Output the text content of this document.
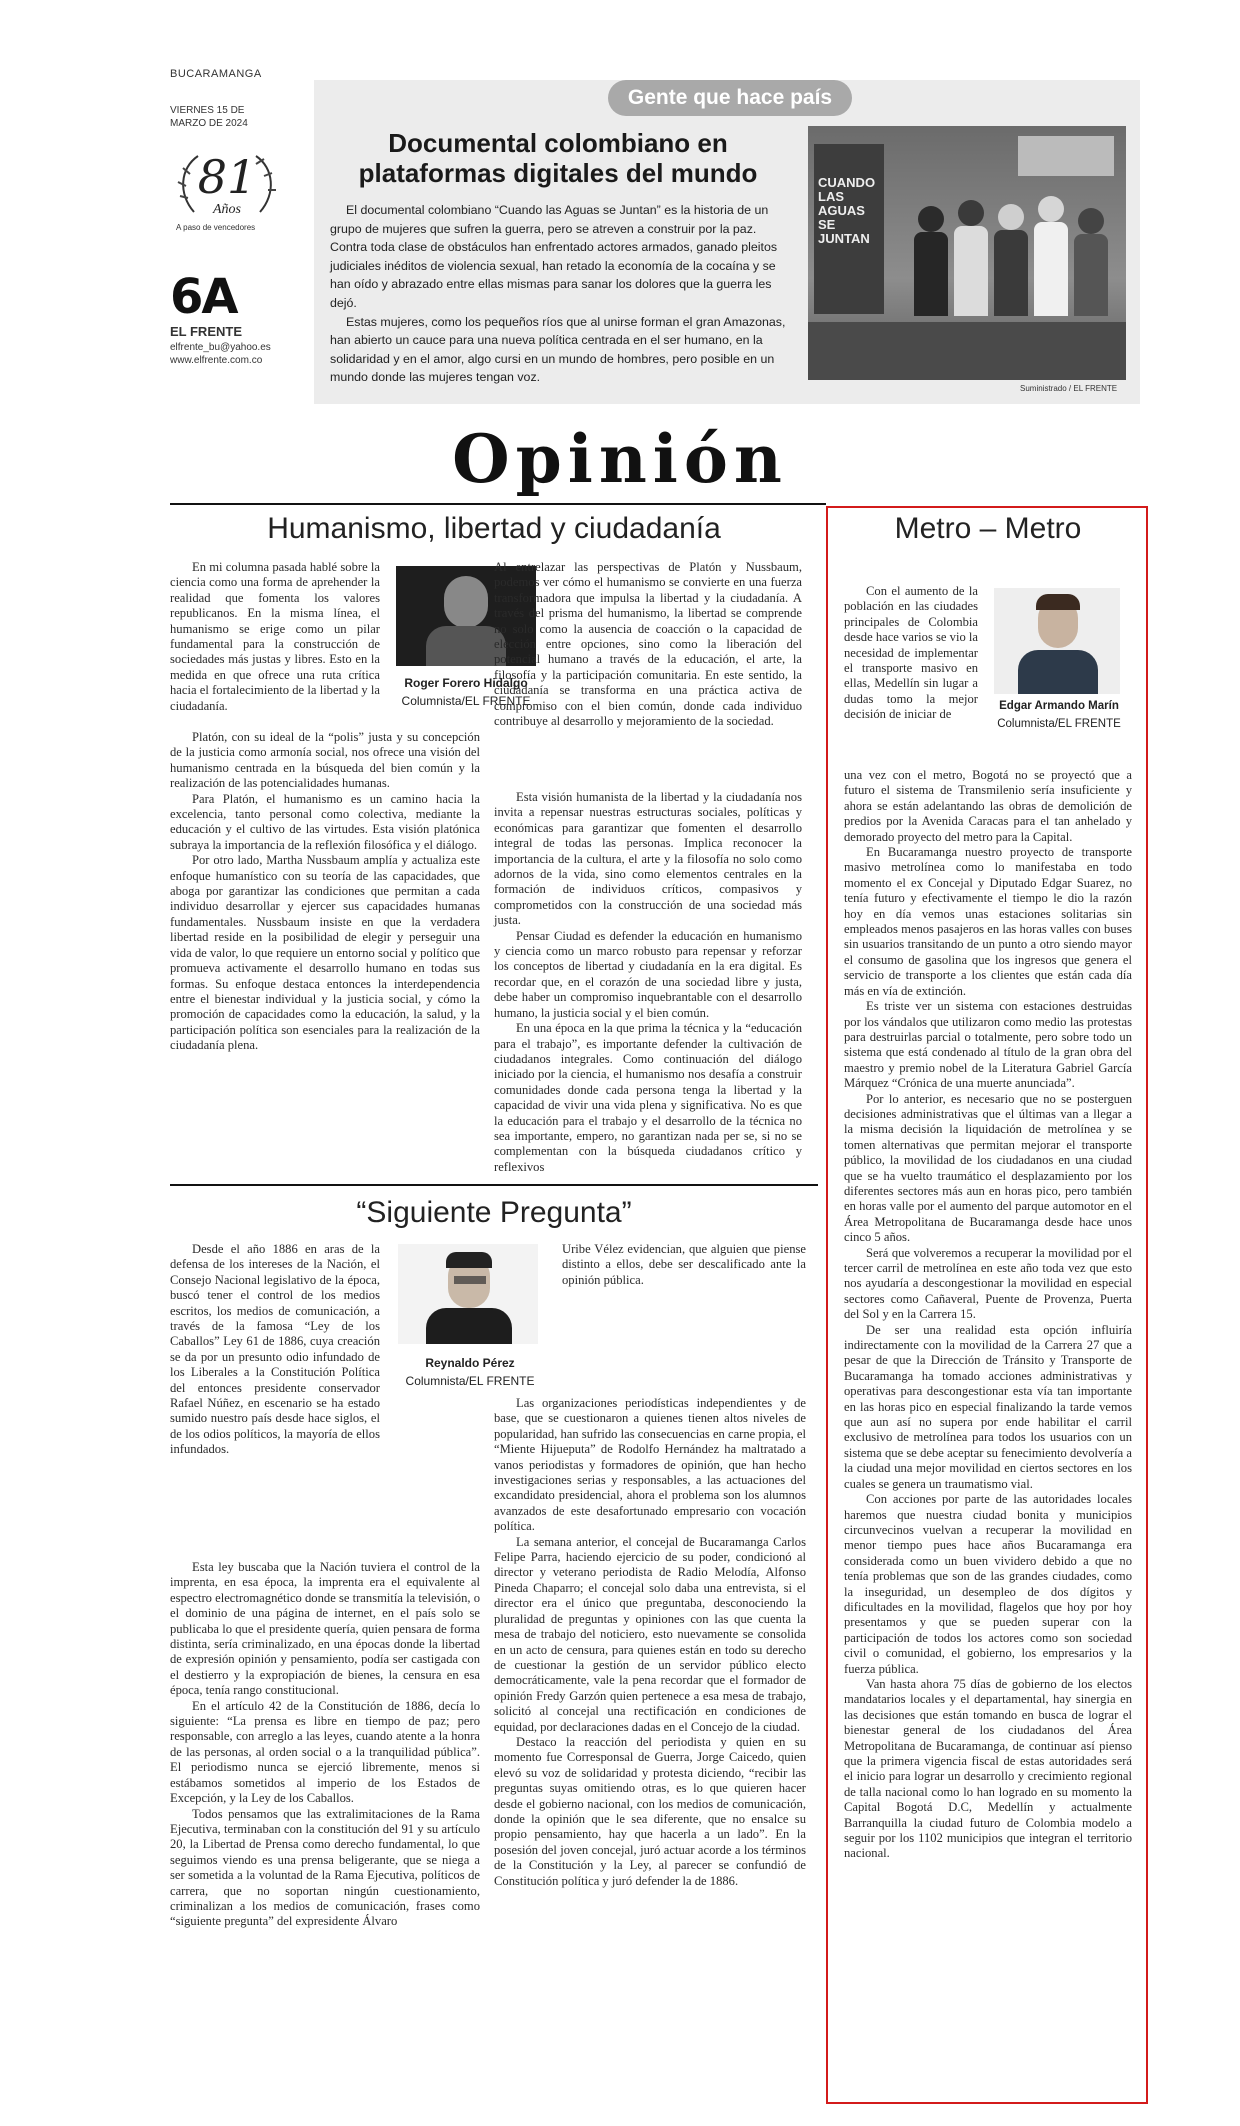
BUCARAMANGA
VIERNES 15 DE MARZO DE 2024
81
Años
A paso de vencedores
6A
EL FRENTE
elfrente_bu@yahoo.es
www.elfrente.com.co
Gente que hace país
Documental colombiano en plataformas digitales del mundo

El documental colombiano “Cuando las Aguas se Juntan” es la historia de un grupo de mujeres que sufren la guerra, pero se atreven a construir por la paz. Contra toda clase de obstáculos han enfrentado actores armados, ganado pleitos judiciales inéditos de violencia sexual, han retado la economía de la cocaína y se han oído y abrazado entre ellas mismas para sanar los dolores que la guerra les dejó.

Estas mujeres, como los pequeños ríos que al unirse forman el gran Amazonas, han abierto un cauce para una nueva política centrada en el ser humano, en la solidaridad y en el amor, algo cursi en un mundo de hombres, pero posible en un mundo donde las mujeres tengan voz.

CUANDO LAS AGUAS SE JUNTAN
Suministrado / EL FRENTE
Opinión
Humanismo, libertad y ciudadanía

En mi columna pasada hablé sobre la ciencia como una forma de aprehender la realidad que fomenta los valores republicanos. En la misma línea, el humanismo se erige como un pilar fundamental para la construcción de sociedades más justas y libres. Esto en la medida en que ofrece una ruta crítica hacia el fortalecimiento de la libertad y la ciudadanía.

Roger Forero Hidalgo
Columnista/EL FRENTE

Platón, con su ideal de la “polis” justa y su concepción de la justicia como armonía social, nos ofrece una visión del humanismo centrada en la búsqueda del bien común y la realización de las potencialidades humanas.

Para Platón, el humanismo es un camino hacia la excelencia, tanto personal como colectiva, mediante la educación y el cultivo de las virtudes. Esta visión platónica subraya la importancia de la reflexión filosófica y el diálogo.

Por otro lado, Martha Nussbaum amplía y actualiza este enfoque humanístico con su teoría de las capacidades, que aboga por garantizar las condiciones que permitan a cada individuo desarrollar y ejercer sus capacidades humanas fundamentales. Nussbaum insiste en que la verdadera libertad reside en la posibilidad de elegir y perseguir una vida de valor, lo que requiere un entorno social y político que promueva activamente el desarrollo humano en todas sus formas. Su enfoque destaca entonces la interdependencia entre el bienestar individual y la justicia social, y cómo la promoción de capacidades como la educación, la salud, y la participación política son esenciales para la realización de la ciudadanía plena.

Al entrelazar las perspectivas de Platón y Nussbaum, podemos ver cómo el humanismo se convierte en una fuerza transformadora que impulsa la libertad y la ciudadanía. A través del prisma del humanismo, la libertad se comprende no solo como la ausencia de coacción o la capacidad de elección entre opciones, sino como la liberación del potencial humano a través de la educación, el arte, la filosofía y la participación comunitaria. En este sentido, la ciudadanía se transforma en una práctica activa de compromiso con el bien común, donde cada individuo contribuye al desarrollo y mejoramiento de la sociedad.

Esta visión humanista de la libertad y la ciudadanía nos invita a repensar nuestras estructuras sociales, políticas y económicas para garantizar que fomenten el desarrollo integral de todas las personas. Implica reconocer la importancia de la cultura, el arte y la filosofía no solo como adornos de la vida, sino como elementos centrales en la formación de individuos críticos, compasivos y comprometidos con la construcción de una sociedad más justa.

Pensar Ciudad es defender la educación en humanismo y ciencia como un marco robusto para repensar y reforzar los conceptos de libertad y ciudadanía en la era digital. Es recordar que, en el corazón de una sociedad libre y justa, debe haber un compromiso inquebrantable con el desarrollo humano, la justicia social y el bien común.

En una época en la que prima la técnica y la “educación para el trabajo”, es importante defender la cultivación de ciudadanos integrales. Como continuación del diálogo iniciado por la ciencia, el humanismo nos desafía a construir comunidades donde cada persona tenga la libertad y la capacidad de vivir una vida plena y significativa. No es que la educación para el trabajo y el desarrollo de la técnica no sea importante, empero, no garantizan nada per se, si no se complementan con la búsqueda ciudadanos crítico y reflexivos

“Siguiente Pregunta”

Desde el año 1886 en aras de la defensa de los intereses de la Nación, el Consejo Nacional legislativo de la época, buscó tener el control de los medios escritos, los medios de comunicación, a través de la famosa “Ley de los Caballos” Ley 61 de 1886, cuya creación se da por un presunto odio infundado de los Liberales a la Constitución Política del entonces presidente conservador Rafael Núñez, en escenario se ha estado sumido nuestro país desde hace siglos, el de los odios políticos, la mayoría de ellos infundados.

Reynaldo Pérez
Columnista/EL FRENTE

Esta ley buscaba que la Nación tuviera el control de la imprenta, en esa época, la imprenta era el equivalente al espectro electromagnético donde se transmitía la televisión, o el dominio de una página de internet, en el país solo se publicaba lo que el presidente quería, quien pensara de forma distinta, sería criminalizado, en una épocas donde la libertad de expresión opinión y pensamiento, podía ser castigada con el destierro y la expropiación de bienes, la censura en esa época, tenía rango constitucional.

En el artículo 42 de la Constitución de 1886, decía lo siguiente: “La prensa es libre en tiempo de paz; pero responsable, con arreglo a las leyes, cuando atente a la honra de las personas, al orden social o a la tranquilidad pública”. El periodismo nunca se ejerció libremente, menos si estábamos sometidos al imperio de los Estados de Excepción, y la Ley de los Caballos.

Todos pensamos que las extralimitaciones de la Rama Ejecutiva, terminaban con la constitución del 91 y su artículo 20, la Libertad de Prensa como derecho fundamental, lo que seguimos viendo es una prensa beligerante, que se niega a ser sometida a la voluntad de la Rama Ejecutiva, políticos de carrera, que no soportan ningún cuestionamiento, criminalizan a los medios de comunicación, frases como “siguiente pregunta” del expresidente Álvaro

Uribe Vélez evidencian, que alguien que piense distinto a ellos, debe ser descalificado ante la opinión pública.

Las organizaciones periodísticas independientes y de base, que se cuestionaron a quienes tienen altos niveles de popularidad, han sufrido las consecuencias en carne propia, el “Miente Hijueputa” de Rodolfo Hernández ha maltratado a vanos periodistas y formadores de opinión, que han hecho investigaciones serias y responsables, a las actuaciones del excandidato presidencial, ahora el problema son los alumnos avanzados de este desafortunado empresario con vocación política.

La semana anterior, el concejal de Bucaramanga Carlos Felipe Parra, haciendo ejercicio de su poder, condicionó al director y veterano periodista de Radio Melodía, Alfonso Pineda Chaparro; el concejal solo daba una entrevista, si el director era el único que preguntaba, desconociendo la pluralidad de preguntas y opiniones con las que cuenta la mesa de trabajo del noticiero, esto nuevamente se consolida en un acto de censura, para quienes están en todo su derecho de cuestionar la gestión de un servidor público electo democráticamente, vale la pena recordar que el formador de opinión Fredy Garzón quien pertenece a esa mesa de trabajo, solicitó al concejal una rectificación en condiciones de equidad, por declaraciones dadas en el Concejo de la ciudad.

Destaco la reacción del periodista y quien en su momento fue Corresponsal de Guerra, Jorge Caicedo, quien elevó su voz de solidaridad y protesta diciendo, “recibir las preguntas suyas omitiendo otras, es lo que quieren hacer desde el gobierno nacional, con los medios de comunicación, donde la opinión que le sea diferente, que no ensalce su propio pensamiento, hay que hacerla a un lado”. En la posesión del joven concejal, juró actuar acorde a los términos de la Constitución y la Ley, al parecer se confundió de Constitución política y juró defender la de 1886.

Metro – Metro

Con el aumento de la población en las ciudades principales de Colombia desde hace varios se vio la necesidad de implementar el transporte masivo en ellas, Medellín sin lugar a dudas tomo la mejor decisión de iniciar de

Edgar Armando Marín
Columnista/EL FRENTE

una vez con el metro, Bogotá no se proyectó que a futuro el sistema de Transmilenio sería insuficiente y ahora se están adelantando las obras de demolición de predios por la Avenida Caracas para el tan anhelado y demorado proyecto del metro para la Capital.

En Bucaramanga nuestro proyecto de transporte masivo metrolínea como lo manifestaba en todo momento el ex Concejal y Diputado Edgar Suarez, no tenía futuro y efectivamente el tiempo le dio la razón hoy en día vemos unas estaciones solitarias sin empleados menos pasajeros en las horas valles con buses sin usuarios transitando de un punto a otro siendo mayor el consumo de gasolina que los ingresos que genera el servicio de transporte a los clientes que están cada día más en vía de extinción.

Es triste ver un sistema con estaciones destruidas por los vándalos que utilizaron como medio las protestas para destruirlas parcial o totalmente, pero sobre todo un sistema que está condenado al título de la gran obra del maestro y premio nobel de la Literatura Gabriel García Márquez “Crónica de una muerte anunciada”.

Por lo anterior, es necesario que no se posterguen decisiones administrativas que el últimas van a llegar a la misma decisión la liquidación de metrolínea y se tomen alternativas que permitan mejorar el transporte público, la movilidad de los ciudadanos en una ciudad que se ha vuelto traumático el desplazamiento por los diferentes sectores más aun en horas pico, pero también en horas valle por el aumento del parque automotor en el Área Metropolitana de Bucaramanga desde hace unos cinco 5 años.

Será que volveremos a recuperar la movilidad por el tercer carril de metrolínea en este año toda vez que esto nos ayudaría a descongestionar la movilidad en especial sectores como Cañaveral, Puente de Provenza, Puerta del Sol y en la Carrera 15.

De ser una realidad esta opción influiría indirectamente con la movilidad de la Carrera 27 que a pesar de que la Dirección de Tránsito y Transporte de Bucaramanga ha tomado acciones administrativas y operativas para descongestionar esta vía tan importante en las horas pico en especial finalizando la tarde vemos que aun así no supera por ende habilitar el carril exclusivo de metrolínea para todos los usuarios con un sistema que se debe aceptar su fenecimiento devolvería a la ciudad una mejor movilidad en ciertos sectores en los cuales se genera un traumatismo vial.

Con acciones por parte de las autoridades locales haremos que nuestra ciudad bonita y municipios circunvecinos vuelvan a recuperar la movilidad en menor tiempo pues hace años Bucaramanga era considerada como un buen vividero debido a que no tenía problemas que son de las grandes ciudades, como la inseguridad, un desempleo de dos dígitos y dificultades en la movilidad, flagelos que hoy por hoy presentamos y que se pueden superar con la participación de todos los actores como son sociedad civil o comunidad, el gobierno, los empresarios y la fuerza pública.

Van hasta ahora 75 días de gobierno de los electos mandatarios locales y el departamental, hay sinergia en las decisiones que están tomando en busca de lograr el bienestar general de los ciudadanos del Área Metropolitana de Bucaramanga, de continuar así pienso que la primera vigencia fiscal de estas autoridades será el inicio para lograr un desarrollo y crecimiento regional de talla nacional como lo han logrado en su momento la Capital Bogotá D.C, Medellín y actualmente Barranquilla la ciudad futuro de Colombia modelo a seguir por los 1102 municipios que integran el territorio nacional.
